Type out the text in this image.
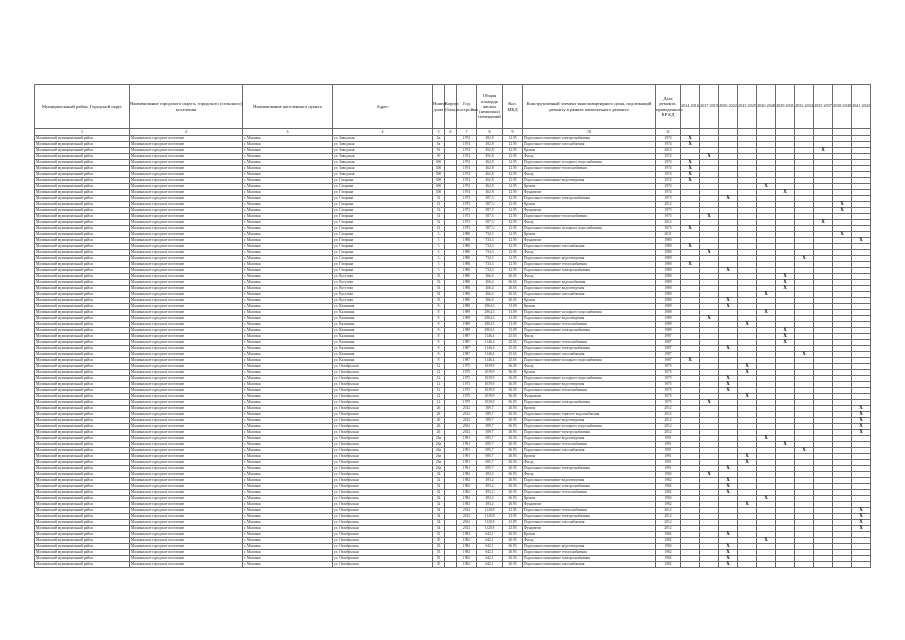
Муниципальный район, Городской округ	Наименование городского округа, городского (сельского) поселения	Наименование населенного пункта	Адрес	Номер дома	Корпус (блок)	Год постройки	Общая площадь жилых (нежилых) помещений	Кол. МКД	Конструктивный элемент многоквартирного дома, подлежащий ремонту в рамках капитального ремонта	Дата ремонта, проведенного КР КД	2014 2016	2017 2019	2020 2022	2023 2025	2026 2028	2029 2031	2032 2034	2035 2037	2038 2040	2041 2043
1	2	3	4	5	6	7	8	9	10	11										
Малмыжский муниципальный район	Малмыжское городское поселение	г. Малмыж	ул. Заводская	5а		1974	492,8	12.95	Подпольное помещение электроснабжения	1974	X									
Малмыжский муниципальный район	Малмыжское городское поселение	г. Малмыж	ул. Заводская	5а		1974	492,8	12.95	Подпольное помещение газоснабжения	1974	X									
Малмыжский муниципальный район	Малмыжское городское поселение	г. Малмыж	ул. Заводская	5б		1974	492,8	12.95	Кровля	2013								X		
Малмыжский муниципальный район	Малмыжское городское поселение	г. Малмыж	ул. Заводская	5б		1974	492,8	12.95	Фасад	1974		X								
Малмыжский муниципальный район	Малмыжское городское поселение	г. Малмыж	ул. Заводская	30б		1974	462,8	12.95	Подпольное помещение холодного водоснабжения	1974	X									
Малмыжский муниципальный район	Малмыжское городское поселение	г. Малмыж	ул. Заводская	30б		1974	462,8	12.95	Подпольное помещение теплоснабжения	1974	X									
Малмыжский муниципальный район	Малмыжское городское поселение	г. Малмыж	ул. Заводская	30б		1974	462,8	12.95	Фасад	1974	X									
Малмыжский муниципальный район	Малмыжское городское поселение	г. Малмыж	ул. Гагарина	30б		1974	462,8	12.95	Подпольное помещение водоотведения	1974	X									
Малмыжский муниципальный район	Малмыжское городское поселение	г. Малмыж	ул. Гагарина	30б		1974	462,8	12.95	Кровля	1974					X					
Малмыжский муниципальный район	Малмыжское городское поселение	г. Малмыж	ул. Гагарина	30б		1974	462,8	12.95	Фундамент	1974						X				
Малмыжский муниципальный район	Малмыжское городское поселение	г. Малмыж	ул. Гагарина	31		1973	587,3	12.95	Подпольное помещение электроснабжения	1973			X							
Малмыжский муниципальный район	Малмыжское городское поселение	г. Малмыж	ул. Гагарина	31		1973	587,3	12.95	Кровля	2012									X	
Малмыжский муниципальный район	Малмыжское городское поселение	г. Малмыж	ул. Гагарина	31		1973	587,3	12.95	Фундамент	1973									X	
Малмыжский муниципальный район	Малмыжское городское поселение	г. Малмыж	ул. Гагарина	31		1973	587,3	12.95	Подпольное помещение теплоснабжения	1973		X								
Малмыжский муниципальный район	Малмыжское городское поселение	г. Малмыж	ул. Гагарина	31		1973	587,3	12.95	Фасад	2012								X		
Малмыжский муниципальный район	Малмыжское городское поселение	г. Малмыж	ул. Гагарина	31		1973	587,3	12.95	Подпольное помещение холодного водоснабжения	1973	X									
Малмыжский муниципальный район	Малмыжское городское поселение	г. Малмыж	ул. Гагарина	3		1980	734,3	12.95	Кровля	2011									X	
Малмыжский муниципальный район	Малмыжское городское поселение	г. Малмыж	ул. Гагарина	3		1980	734,3	12.95	Фундамент	1980										X
Малмыжский муниципальный район	Малмыжское городское поселение	г. Малмыж	ул. Гагарина	3		1980	734,3	12.95	Подпольное помещение газоснабжения	1980	X									
Малмыжский муниципальный район	Малмыжское городское поселение	г. Малмыж	ул. Гагарина	3		1980	734,3	12.95	Фасад	1980		X								
Малмыжский муниципальный район	Малмыжское городское поселение	г. Малмыж	ул. Гагарина	3		1980	734,3	12.95	Подпольное помещение водоотведения	1980							X			
Малмыжский муниципальный район	Малмыжское городское поселение	г. Малмыж	ул. Гагарина	3		1980	734,3	12.95	Подпольное помещение теплоснабжения	1980	X									
Малмыжский муниципальный район	Малмыжское городское поселение	г. Малмыж	ул. Гагарина	3		1980	734,3	12.95	Подпольное помещение электроснабжения	1980			X							
Малмыжский муниципальный район	Малмыжское городское поселение	г. Малмыж	ул. Кутузова	33		1980	266,4	26.65	Фасад	1980						X				
Малмыжский муниципальный район	Малмыжское городское поселение	г. Малмыж	ул. Кутузова	33		1980	266,4	26.65	Подпольное помещение водоснабжения	1980						X				
Малмыжский муниципальный район	Малмыжское городское поселение	г. Малмыж	ул. Кутузова	33		1980	266,4	26.65	Подпольное помещение водоотведения	1980						X				
Малмыжский муниципальный район	Малмыжское городское поселение	г. Малмыж	ул. Кутузова	33		1980	266,4	26.65	Подпольное помещение газоснабжения	1980					X					
Малмыжский муниципальный район	Малмыжское городское поселение	г. Малмыж	ул. Кутузова	33		1980	266,4	26.65	Кровля	1980			X							
Малмыжский муниципальный район	Малмыжское городское поселение	г. Малмыж	ул. Калинина	8		1989	2964,3	13.09	Кровля	1989			X							
Малмыжский муниципальный район	Малмыжское городское поселение	г. Малмыж	ул. Калинина	8		1989	2964,3	13.09	Подпольное помещение холодного водоснабжения	1989					X					
Малмыжский муниципальный район	Малмыжское городское поселение	г. Малмыж	ул. Калинина	8		1989	2964,3	13.09	Подпольное помещение водоотведения	1989		X								
Малмыжский муниципальный район	Малмыжское городское поселение	г. Малмыж	ул. Калинина	8		1989	2964,3	13.09	Подпольное помещение теплоснабжения	1989				X						
Малмыжский муниципальный район	Малмыжское городское поселение	г. Малмыж	ул. Калинина	8		1989	2964,3	13.09	Подпольное помещение электроснабжения	1989						X				
Малмыжский муниципальный район	Малмыжское городское поселение	г. Малмыж	ул. Калинина	8		1987	1146,4	25.65	Фасад	1987						X				
Малмыжский муниципальный район	Малмыжское городское поселение	г. Малмыж	ул. Калинина	8		1987	1146,4	25.65	Подпольное помещение теплоснабжения	1987						X				
Малмыжский муниципальный район	Малмыжское городское поселение	г. Малмыж	ул. Калинина	8		1987	1146,4	25.65	Подпольное помещение электроснабжения	1987			X							
Малмыжский муниципальный район	Малмыжское городское поселение	г. Малмыж	ул. Калинина	8		1987	1146,4	25.65	Подпольное помещение газоснабжения	1987							X			
Малмыжский муниципальный район	Малмыжское городское поселение	г. Малмыж	ул. Калинина	8		1987	1146,4	25.65	Подпольное помещение холодного водоснабжения	1987	X									
Малмыжский муниципальный район	Малмыжское городское поселение	г. Малмыж	ул. Октябрьская	12		1975	1039,9	36.05	Фасад	1975				X						
Малмыжский муниципальный район	Малмыжское городское поселение	г. Малмыж	ул. Октябрьская	12		1975	1039,9	36.05	Кровля	1975				X						
Малмыжский муниципальный район	Малмыжское городское поселение	г. Малмыж	ул. Октябрьская	12		1975	1039,9	36.05	Подпольное помещение холодного водоснабжения	1975			X							
Малмыжский муниципальный район	Малмыжское городское поселение	г. Малмыж	ул. Октябрьская	12		1975	1039,9	36.05	Подпольное помещение водоотведения	1975			X							
Малмыжский муниципальный район	Малмыжское городское поселение	г. Малмыж	ул. Октябрьская	12		1975	1039,9	36.05	Подпольное помещение теплоснабжения	1975			X							
Малмыжский муниципальный район	Малмыжское городское поселение	г. Малмыж	ул. Октябрьская	12		1975	1039,9	36.05	Фундамент	1975				X						
Малмыжский муниципальный район	Малмыжское городское поселение	г. Малмыж	ул. Октябрьская	12		1975	1039,9	36.05	Подпольное помещение электроснабжения	1975		X								
Малмыжский муниципальный район	Малмыжское городское поселение	г. Малмыж	ул. Октябрьская	26		2012	589,7	26.93	Кровля	2012										X
Малмыжский муниципальный район	Малмыжское городское поселение	г. Малмыж	ул. Октябрьская	26		2012	589,7	26.93	Подпольное помещение горячего водоснабжения	2012										X
Малмыжский муниципальный район	Малмыжское городское поселение	г. Малмыж	ул. Октябрьская	26		2012	589,7	26.93	Подпольное помещение водоотведения	2012										X
Малмыжский муниципальный район	Малмыжское городское поселение	г. Малмыж	ул. Октябрьская	26		2012	589,7	26.93	Подпольное помещение холодного водоснабжения	2012										X
Малмыжский муниципальный район	Малмыжское городское поселение	г. Малмыж	ул. Октябрьская	26		2012	589,7	26.93	Подпольное помещение электроснабжения	2012										X
Малмыжский муниципальный район	Малмыжское городское поселение	г. Малмыж	ул. Октябрьская	26а		1991	695,7	26.93	Подпольное помещение водоотведения	1991					X					
Малмыжский муниципальный район	Малмыжское городское поселение	г. Малмыж	ул. Октябрьская	26а		1991	695,7	26.93	Подпольное помещение теплоснабжения	1991						X				
Малмыжский муниципальный район	Малмыжское городское поселение	г. Малмыж	ул. Октябрьская	26а		1991	695,7	26.93	Подпольное помещение газоснабжения	1991							X			
Малмыжский муниципальный район	Малмыжское городское поселение	г. Малмыж	ул. Октябрьская	26а		1991	695,7	26.93	Кровля	1991				X						
Малмыжский муниципальный район	Малмыжское городское поселение	г. Малмыж	ул. Октябрьская	26а		1991	695,7	26.93	Фасад	1991				X						
Малмыжский муниципальный район	Малмыжское городское поселение	г. Малмыж	ул. Октябрьская	26а		1991	695,7	26.93	Подпольное помещение электроснабжения	1991			X							
Малмыжский муниципальный район	Малмыжское городское поселение	г. Малмыж	ул. Октябрьская	32		1982	493,2	26.93	Фасад	1982		X								
Малмыжский муниципальный район	Малмыжское городское поселение	г. Малмыж	ул. Октябрьская	32		1982	493,2	26.93	Подпольное помещение водоотведения	1982			X							
Малмыжский муниципальный район	Малмыжское городское поселение	г. Малмыж	ул. Октябрьская	32		1982	493,2	26.93	Подпольное помещение электроснабжения	1982			X							
Малмыжский муниципальный район	Малмыжское городское поселение	г. Малмыж	ул. Октябрьская	32		1982	493,2	26.93	Подпольное помещение теплоснабжения	1982			X							
Малмыжский муниципальный район	Малмыжское городское поселение	г. Малмыж	ул. Октябрьская	32		1982	493,2	26.93	Кровля	1982					X					
Малмыжский муниципальный район	Малмыжское городское поселение	г. Малмыж	ул. Октябрьская	32		1982	493,2	26.93	Фундамент	1982				X						
Малмыжский муниципальный район	Малмыжское городское поселение	г. Малмыж	ул. Октябрьская	34		2012	1120,8	23.85	Подпольное помещение теплоснабжения	2012										X
Малмыжский муниципальный район	Малмыжское городское поселение	г. Малмыж	ул. Октябрьская	34		2012	1120,8	23.85	Подпольное помещение электроснабжения	2012										X
Малмыжский муниципальный район	Малмыжское городское поселение	г. Малмыж	ул. Октябрьская	34		2012	1120,8	23.85	Подпольное помещение газоснабжения	2012										X
Малмыжский муниципальный район	Малмыжское городское поселение	г. Малмыж	ул. Октябрьская	34		2012	1120,8	23.85	Фундамент	2012										X
Малмыжский муниципальный район	Малмыжское городское поселение	г. Малмыж	ул. Октябрьская	35		1982	642,1	26.93	Кровля	1982			X							
Малмыжский муниципальный район	Малмыжское городское поселение	г. Малмыж	ул. Октябрьская	35		1982	642,1	26.93	Фасад	1982					X					
Малмыжский муниципальный район	Малмыжское городское поселение	г. Малмыж	ул. Октябрьская	35		1982	642,1	26.93	Подпольное помещение водоотведения	1982			X							
Малмыжский муниципальный район	Малмыжское городское поселение	г. Малмыж	ул. Октябрьская	35		1982	642,1	26.93	Подпольное помещение теплоснабжения	1982			X							
Малмыжский муниципальный район	Малмыжское городское поселение	г. Малмыж	ул. Октябрьская	35		1982	642,1	26.93	Подпольное помещение электроснабжения	1982			X							
Малмыжский муниципальный район	Малмыжское городское поселение	г. Малмыж	ул. Октябрьская	35		1982	642,1	26.93	Подпольное помещение газоснабжения	1982			X							
